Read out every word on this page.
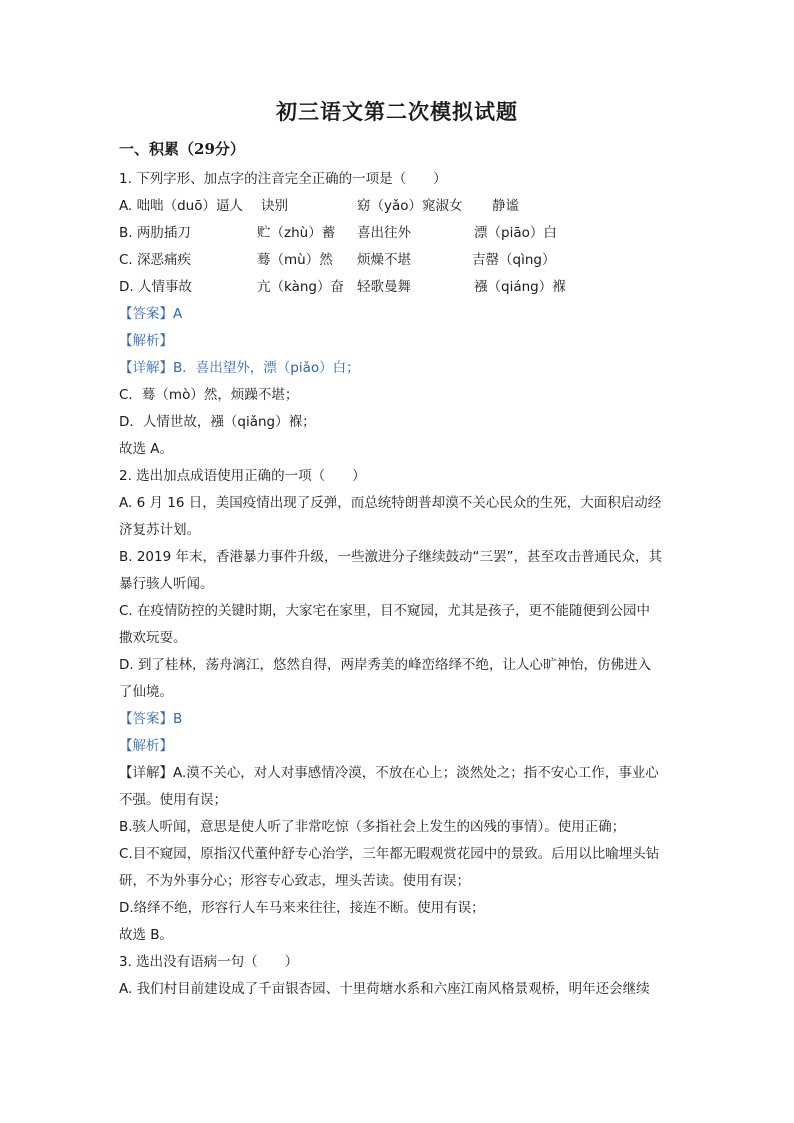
初三语文第二次模拟试题
一、积累（29分）
1. 下列字形、加点字的注音完全正确的一项是（　　）
A. 咄咄（duō）逼人 诀别	窈（yǎo）窕淑女 静谧
B. 两肋插刀	贮（zhù）蓄 喜出往外	漂（piāo）白
C. 深恶痛疾	蓦（mù）然 烦燥不堪	吉罄（qìng）
D. 人情事故	亢（kàng）奋 轻歌曼舞	襁（qiáng）褓
【答案】A
【解析】
【详解】B．喜出望外，漂（piǎo）白；
C．蓦（mò）然，烦躁不堪；
D．人情世故，襁（qiǎng）褓；
故选 A。
2. 选出加点成语使用正确的一项（　　）
A. 6 月 16 日，美国疫情出现了反弹，而总统特朗普却漠不关心民众的生死，大面积启动经
济复苏计划。
B. 2019 年末，香港暴力事件升级，一些激进分子继续鼓动“三罢”，甚至攻击普通民众，其
暴行骇人听闻。
C. 在疫情防控的关键时期，大家宅在家里，目不窥园，尤其是孩子，更不能随便到公园中
撒欢玩耍。
D. 到了桂林，荡舟漓江，悠然自得，两岸秀美的峰峦络绎不绝，让人心旷神怡，仿佛进入
了仙境。
【答案】B
【解析】
【详解】A.漠不关心，对人对事感情冷漠，不放在心上；淡然处之；指不安心工作，事业心
不强。使用有误；
B.骇人听闻，意思是使人听了非常吃惊（多指社会上发生的凶残的事情）。使用正确；
C.目不窥园，原指汉代董仲舒专心治学，三年都无暇观赏花园中的景致。后用以比喻埋头钻
研，不为外事分心；形容专心致志，埋头苦读。使用有误；
D.络绎不绝，形容行人车马来来往往，接连不断。使用有误；
故选 B。
3. 选出没有语病一句（　　）
A. 我们村目前建设成了千亩银杏园、十里荷塘水系和六座江南风格景观桥，明年还会继续
